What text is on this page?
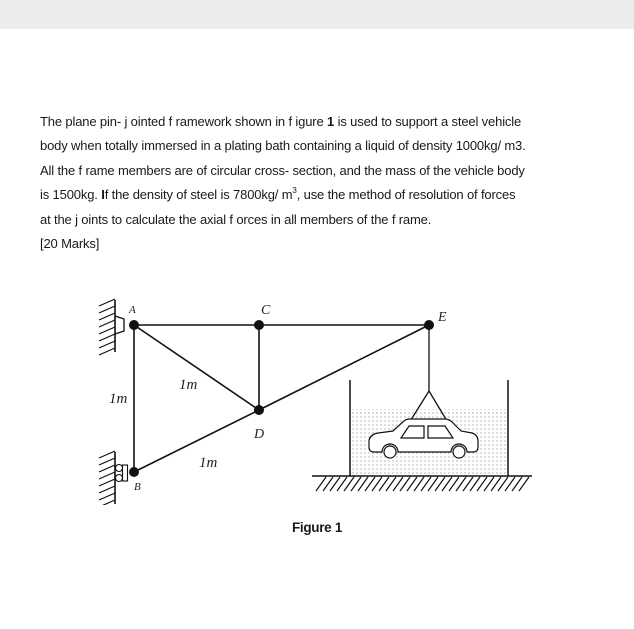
The plane pin- j ointed f ramework shown in f igure 1 is used to support a steel vehicle
body when totally immersed in a plating bath containing a liquid of density 1000kg/ m3.
All the f rame members are of circular cross- section, and the mass of the vehicle body
is 1500kg. If the density of steel is 7800kg/ $m^3$, use the method of resolution of forces
at the j oints to calculate the axial f orces in all members of the f rame.
[20 Marks]
A	C	E
D
B
1m
1m
1m
Figure 1
